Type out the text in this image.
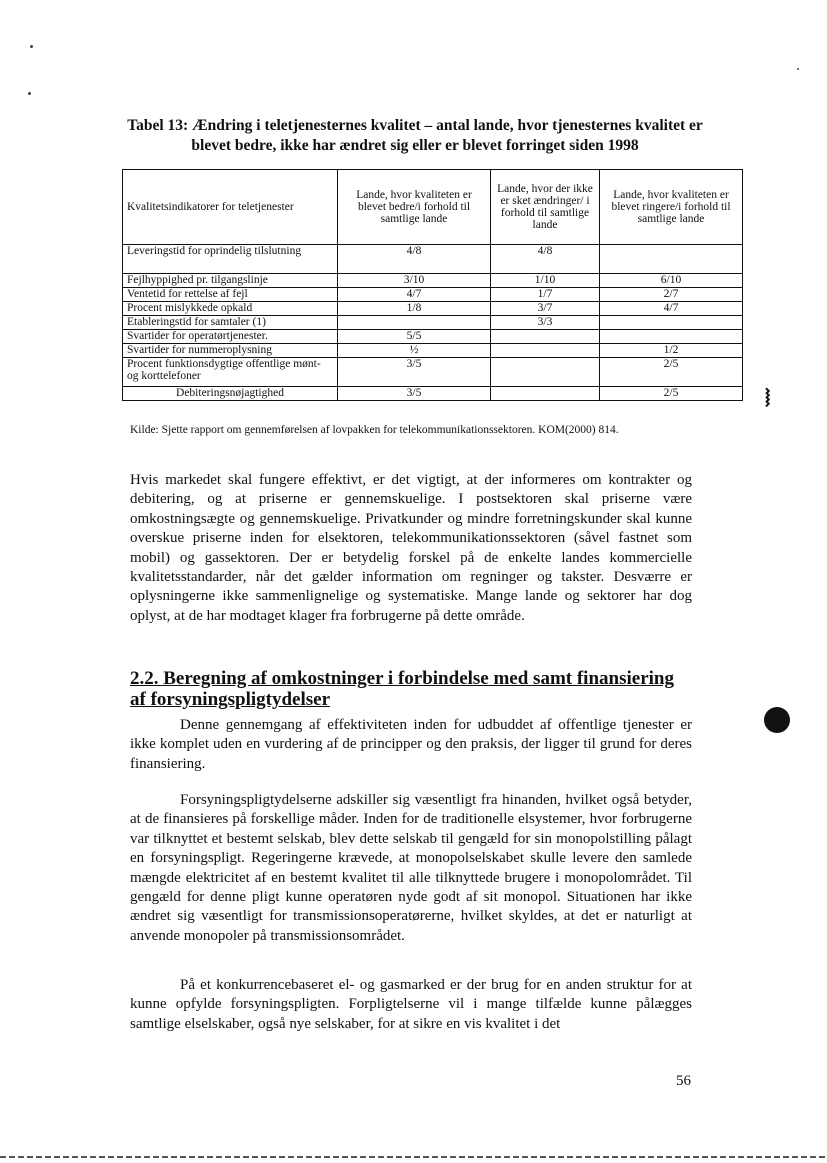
Tabel 13: Ændring i teletjenesternes kvalitet – antal lande, hvor tjenesternes kvalitet er blevet bedre, ikke har ændret sig eller er blevet forringet siden 1998
Kvalitetsindikatorer for teletjenester	Lande, hvor kvaliteten er blevet bedre/i forhold til samtlige lande	Lande, hvor der ikke er sket ændringer/ i forhold til samtlige lande	Lande, hvor kvaliteten er blevet ringere/i forhold til samtlige lande
Leveringstid for oprindelig tilslutning	4/8	4/8	
Fejlhyppighed pr. tilgangslinje	3/10	1/10	6/10
Ventetid for rettelse af fejl	4/7	1/7	2/7
Procent mislykkede opkald	1/8	3/7	4/7
Etableringstid for samtaler (1)		3/3	
Svartider for operatørtjenester.	5/5		
Svartider for nummeroplysning	½		1/2
Procent funktionsdygtige offentlige mønt- og korttelefoner	3/5		2/5
Debiteringsnøjagtighed	3/5		2/5
Kilde: Sjette rapport om gennemførelsen af lovpakken for telekommunikationssektoren. KOM(2000) 814.

Hvis markedet skal fungere effektivt, er det vigtigt, at der informeres om kontrakter og debitering, og at priserne er gennemskuelige. I postsektoren skal priserne være omkostningsægte og gennemskuelige. Privatkunder og mindre forretningskunder skal kunne overskue priserne inden for elsektoren, telekommunikationssektoren (såvel fastnet som mobil) og gassektoren. Der er betydelig forskel på de enkelte landes kommercielle kvalitetsstandarder, når det gælder information om regninger og takster. Desværre er oplysningerne ikke sammenlignelige og systematiske. Mange lande og sektorer har dog oplyst, at de har modtaget klager fra forbrugerne på dette område.

2.2. Beregning af omkostninger i forbindelse med samt finansiering af forsyningspligtydelser

Denne gennemgang af effektiviteten inden for udbuddet af offentlige tjenester er ikke komplet uden en vurdering af de principper og den praksis, der ligger til grund for deres finansiering.

Forsyningspligtydelserne adskiller sig væsentligt fra hinanden, hvilket også betyder, at de finansieres på forskellige måder. Inden for de traditionelle elsystemer, hvor forbrugerne var tilknyttet et bestemt selskab, blev dette selskab til gengæld for sin monopolstilling pålagt en forsyningspligt. Regeringerne krævede, at monopolselskabet skulle levere den samlede mængde elektricitet af en bestemt kvalitet til alle tilknyttede brugere i monopolområdet. Til gengæld for denne pligt kunne operatøren nyde godt af sit monopol. Situationen har ikke ændret sig væsentligt for transmissionsoperatørerne, hvilket skyldes, at det er naturligt at anvende monopoler på transmissionsområdet.

På et konkurrencebaseret el- og gasmarked er der brug for en anden struktur for at kunne opfylde forsyningspligten. Forpligtelserne vil i mange tilfælde kunne pålægges samtlige elselskaber, også nye selskaber, for at sikre en vis kvalitet i det

56
⧘
